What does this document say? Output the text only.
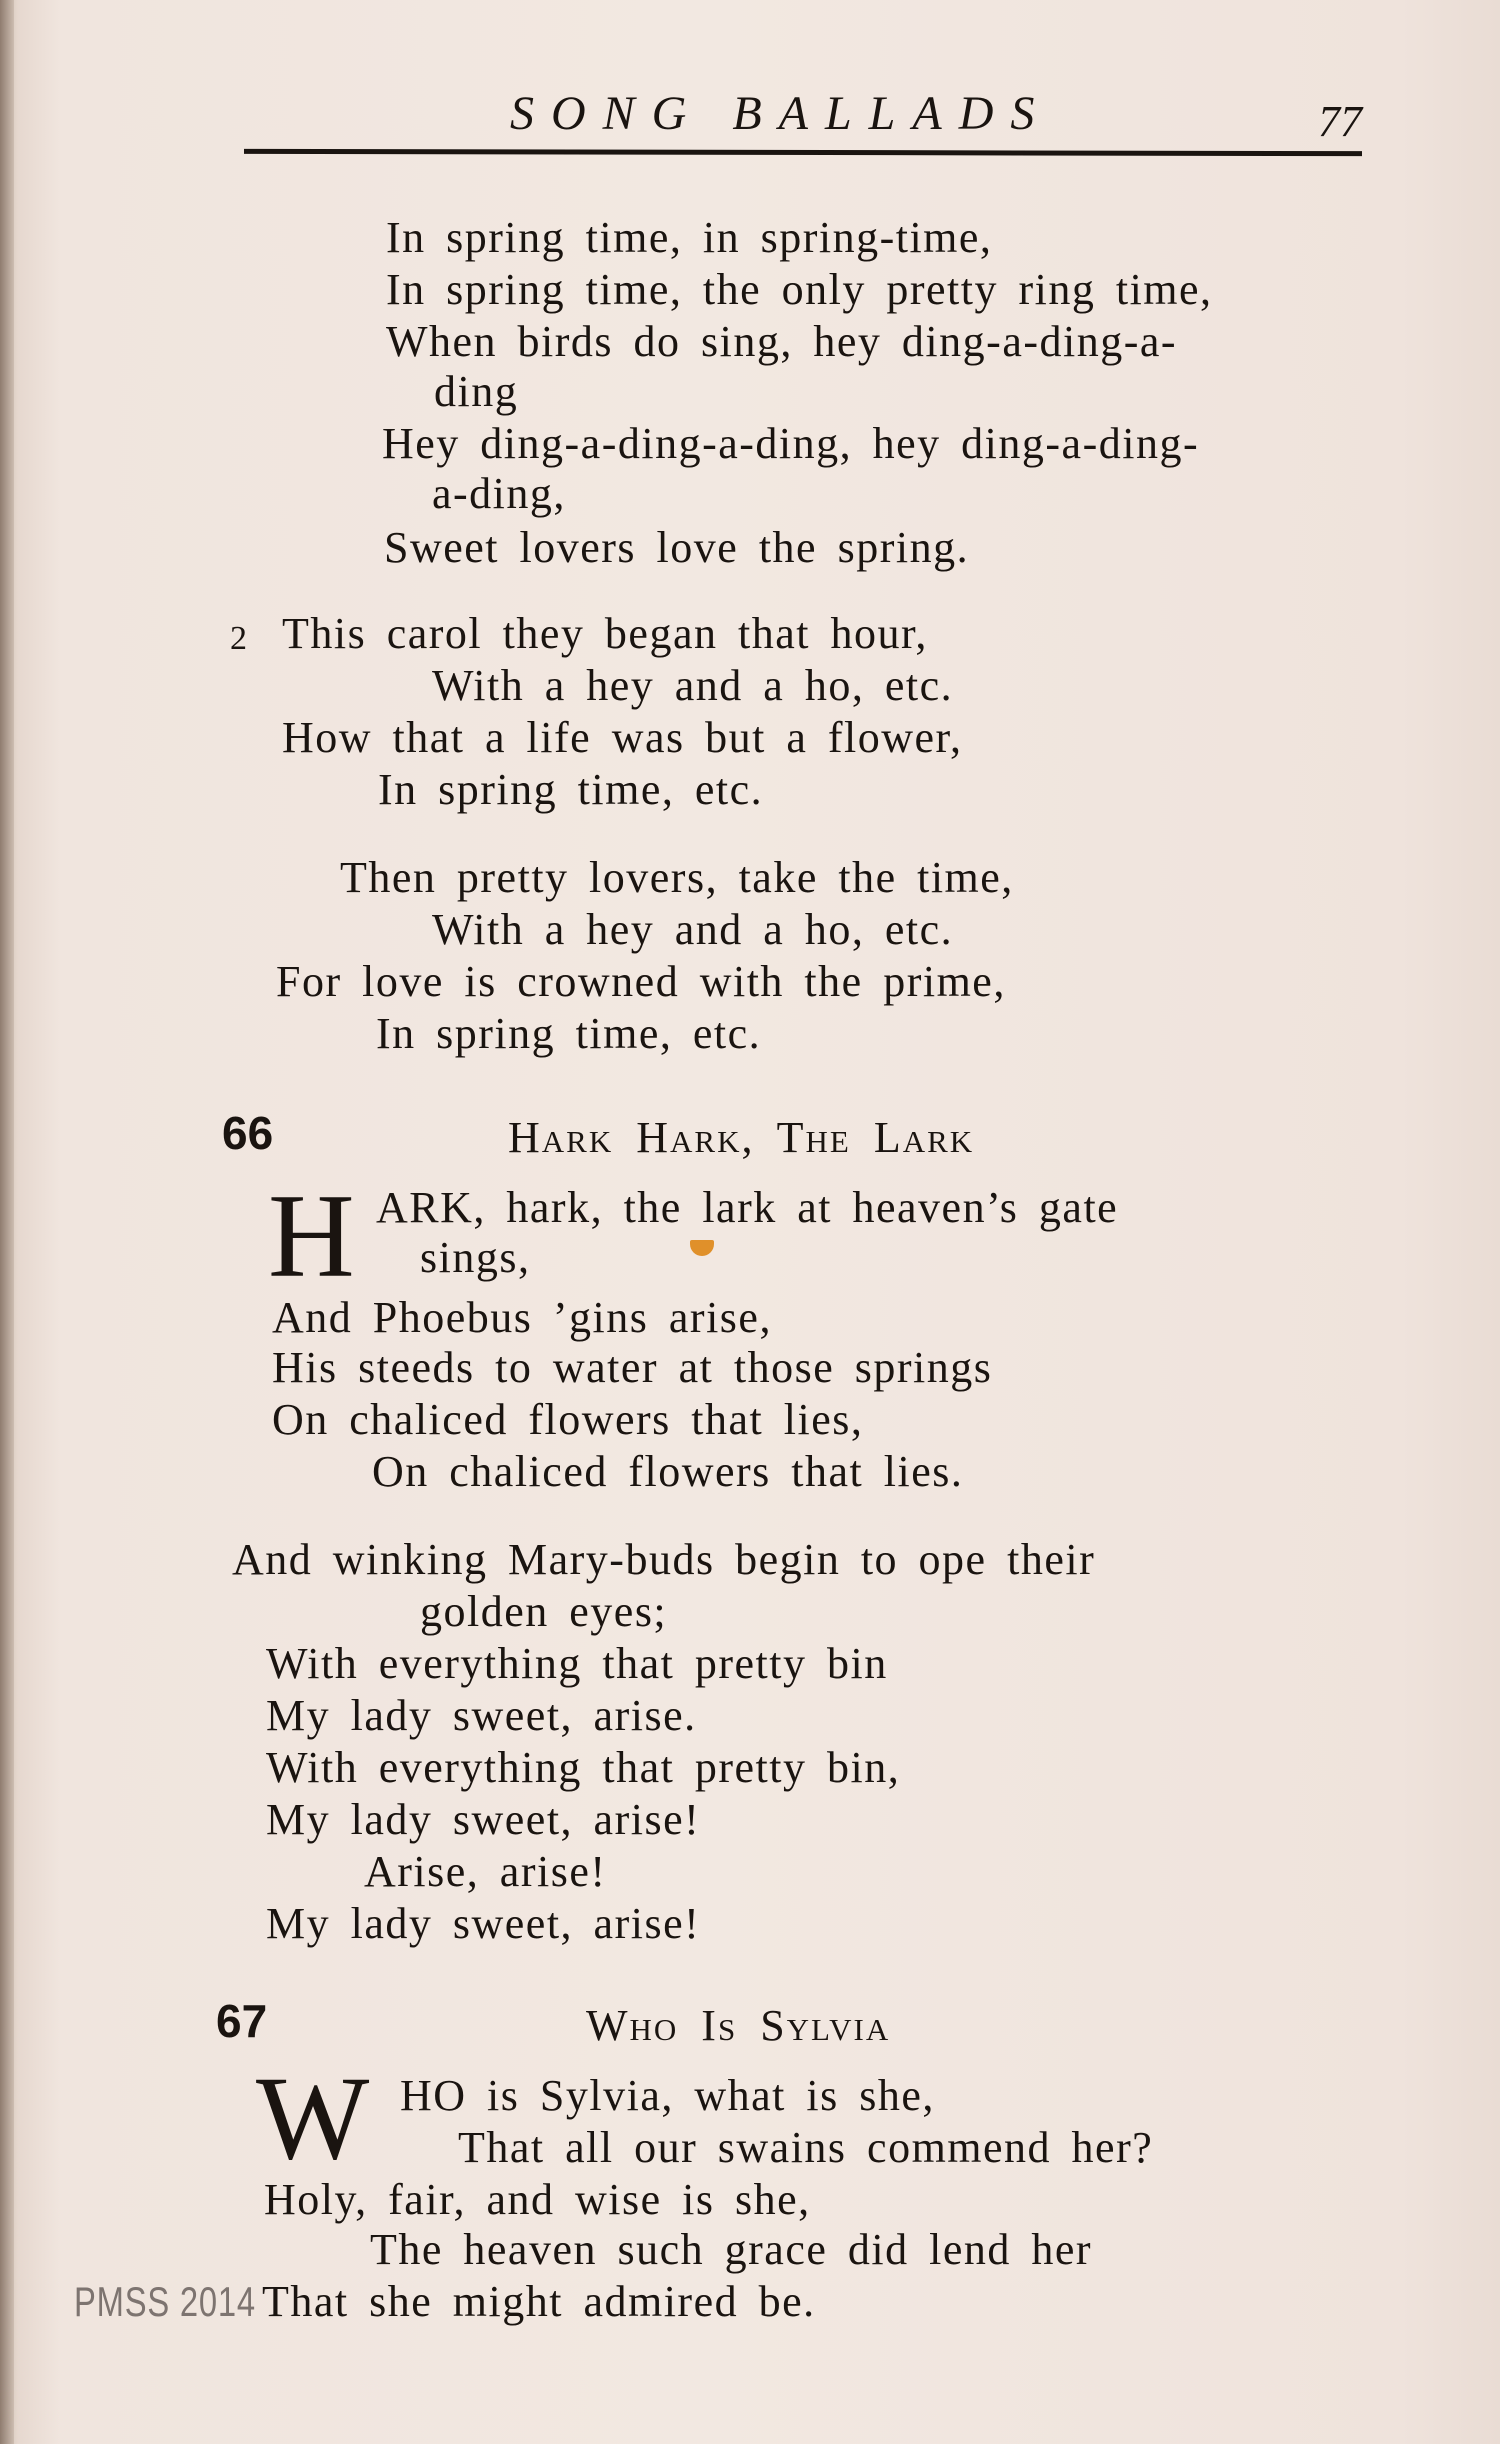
SONG BALLADS	77
In spring time, in spring-time,
In spring time, the only pretty ring time,
When birds do sing, hey ding-a-ding-a-
ding
Hey ding-a-ding-a-ding, hey ding-a-ding-
a-ding,
Sweet lovers love the spring.
2 This carol they began that hour,
With a hey and a ho, etc.
How that a life was but a flower,
In spring time, etc.
Then pretty lovers, take the time,
With a hey and a ho, etc.
For love is crowned with the prime,
In spring time, etc.
66	Hark Hark, The Lark
H ARK, hark, the lark at heaven’s gate
sings,
And Phoebus ’gins arise,
His steeds to water at those springs
On chaliced flowers that lies,
On chaliced flowers that lies.
And winking Mary-buds begin to ope their
golden eyes;
With everything that pretty bin
My lady sweet, arise.
With everything that pretty bin,
My lady sweet, arise!
Arise, arise!
My lady sweet, arise!
67	Who Is Sylvia
W HO is Sylvia, what is she,
That all our swains commend her?
Holy, fair, and wise is she,
The heaven such grace did lend her
That she might admired be.
PMSS 2014
